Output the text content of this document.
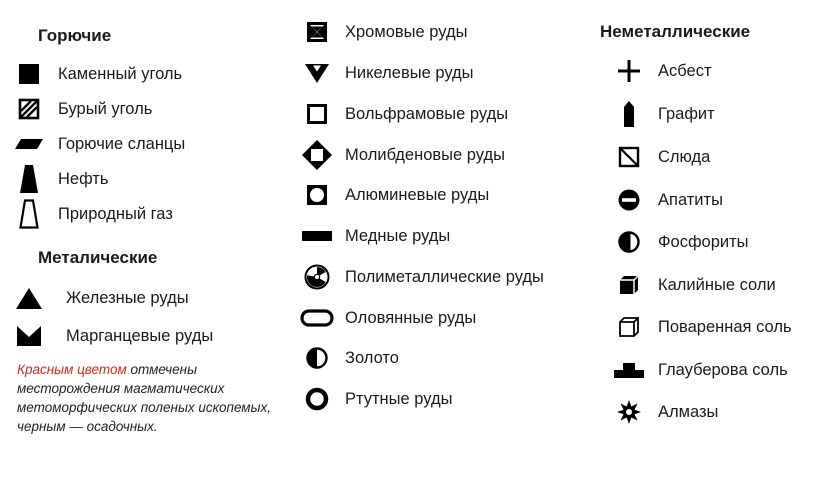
Горючие
Металические
Неметаллические
Каменный уголь
Бурый уголь
Горючие сланцы
Нефть
Природный газ
Железные руды
Марганцевые руды
Красным цветом отмечены месторождения магматических метоморфических поленых ископемых, черным — осадочных.
Хромовые руды
Никелевые руды
Вольфрамовые руды
Молибденовые руды
Алюминевые руды
Медные руды
Полиметаллические руды
Оловянные руды
Золото
Ртутные руды
Асбест
Графит
Слюда
Апатиты
Фосфориты
Калийные соли
Поваренная соль
Глауберова соль
Алмазы
